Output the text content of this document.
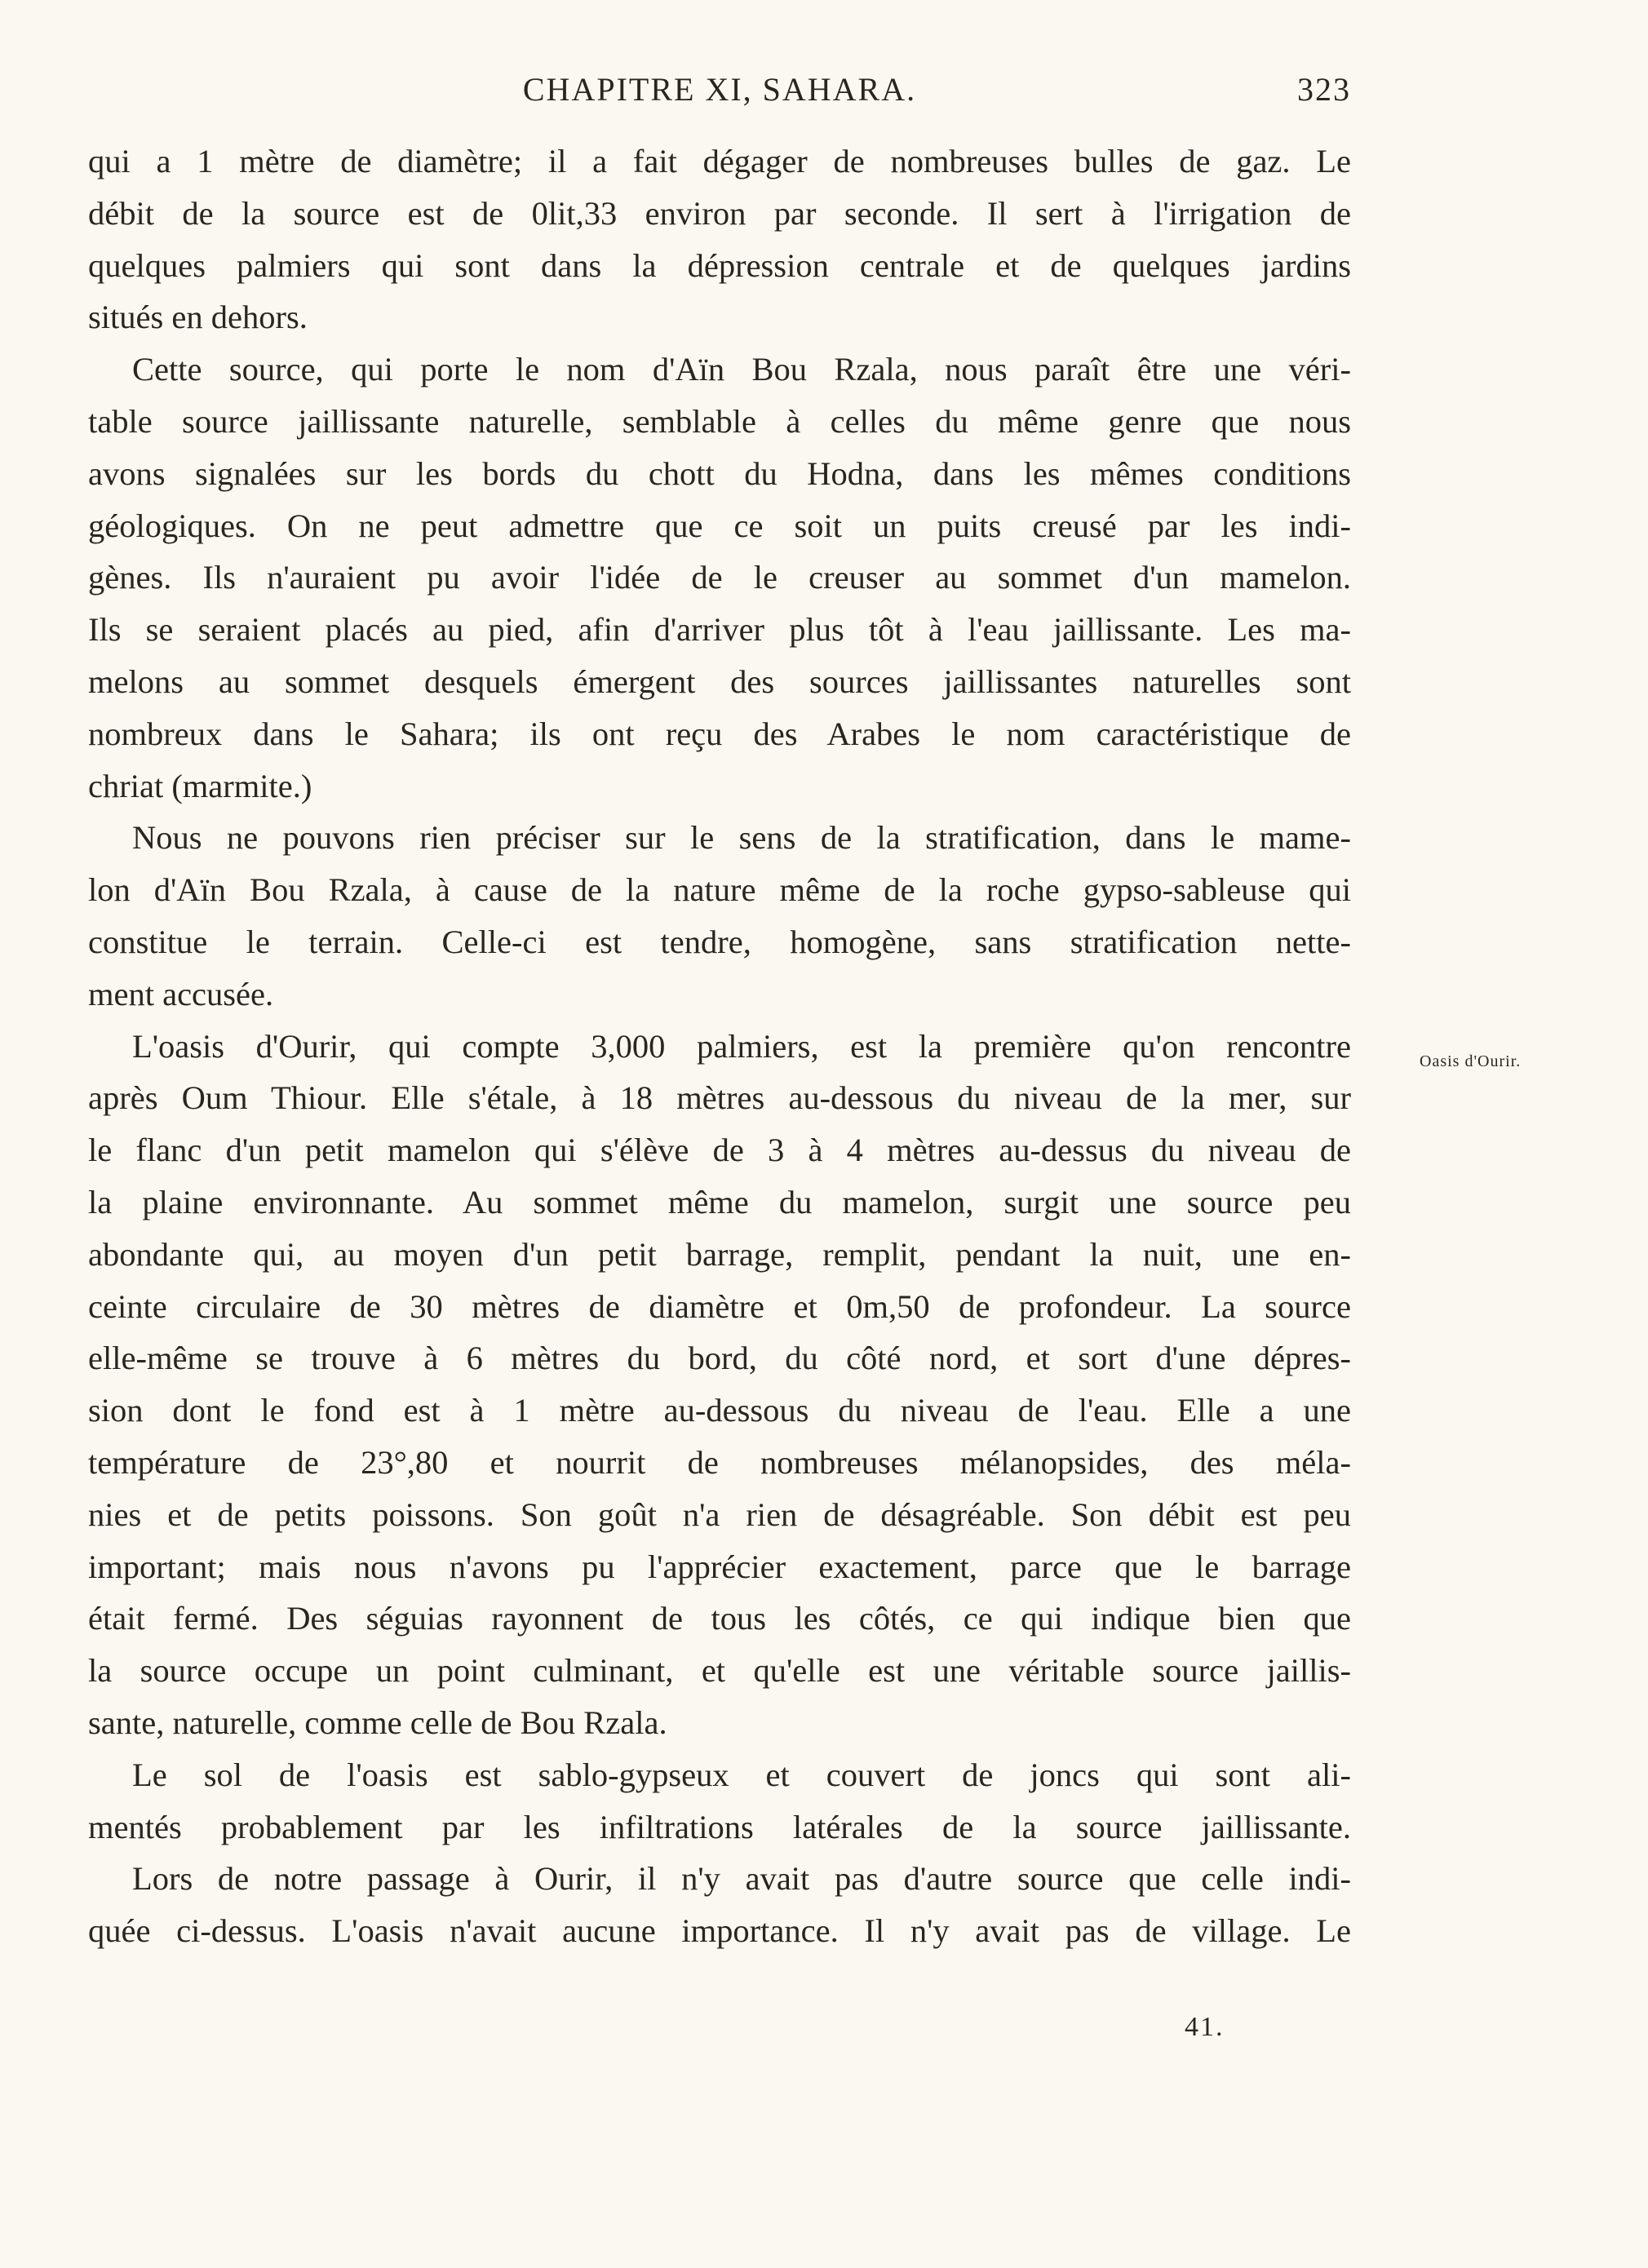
CHAPITRE XI, SAHARA.	323
qui a 1 mètre de diamètre; il a fait dégager de nombreuses bulles de gaz. Le
débit de la source est de 0lit,33 environ par seconde. Il sert à l'irrigation de
quelques palmiers qui sont dans la dépression centrale et de quelques jardins
situés en dehors.
Cette source, qui porte le nom d'Aïn Bou Rzala, nous paraît être une véri-
table source jaillissante naturelle, semblable à celles du même genre que nous
avons signalées sur les bords du chott du Hodna, dans les mêmes conditions
géologiques. On ne peut admettre que ce soit un puits creusé par les indi-
gènes. Ils n'auraient pu avoir l'idée de le creuser au sommet d'un mamelon.
Ils se seraient placés au pied, afin d'arriver plus tôt à l'eau jaillissante. Les ma-
melons au sommet desquels émergent des sources jaillissantes naturelles sont
nombreux dans le Sahara; ils ont reçu des Arabes le nom caractéristique de
chriat (marmite.)
Nous ne pouvons rien préciser sur le sens de la stratification, dans le mame-
lon d'Aïn Bou Rzala, à cause de la nature même de la roche gypso-sableuse qui
constitue le terrain. Celle-ci est tendre, homogène, sans stratification nette-
ment accusée.
L'oasis d'Ourir, qui compte 3,000 palmiers, est la première qu'on rencontre
après Oum Thiour. Elle s'étale, à 18 mètres au-dessous du niveau de la mer, sur
le flanc d'un petit mamelon qui s'élève de 3 à 4 mètres au-dessus du niveau de
la plaine environnante. Au sommet même du mamelon, surgit une source peu
abondante qui, au moyen d'un petit barrage, remplit, pendant la nuit, une en-
ceinte circulaire de 30 mètres de diamètre et 0m,50 de profondeur. La source
elle-même se trouve à 6 mètres du bord, du côté nord, et sort d'une dépres-
sion dont le fond est à 1 mètre au-dessous du niveau de l'eau. Elle a une
température de 23°,80 et nourrit de nombreuses mélanopsides, des méla-
nies et de petits poissons. Son goût n'a rien de désagréable. Son débit est peu
important; mais nous n'avons pu l'apprécier exactement, parce que le barrage
était fermé. Des séguias rayonnent de tous les côtés, ce qui indique bien que
la source occupe un point culminant, et qu'elle est une véritable source jaillis-
sante, naturelle, comme celle de Bou Rzala.
Le sol de l'oasis est sablo-gypseux et couvert de joncs qui sont ali-
mentés probablement par les infiltrations latérales de la source jaillissante.
Lors de notre passage à Ourir, il n'y avait pas d'autre source que celle indi-
quée ci-dessus. L'oasis n'avait aucune importance. Il n'y avait pas de village. Le
Oasis d'Ourir.
41.
